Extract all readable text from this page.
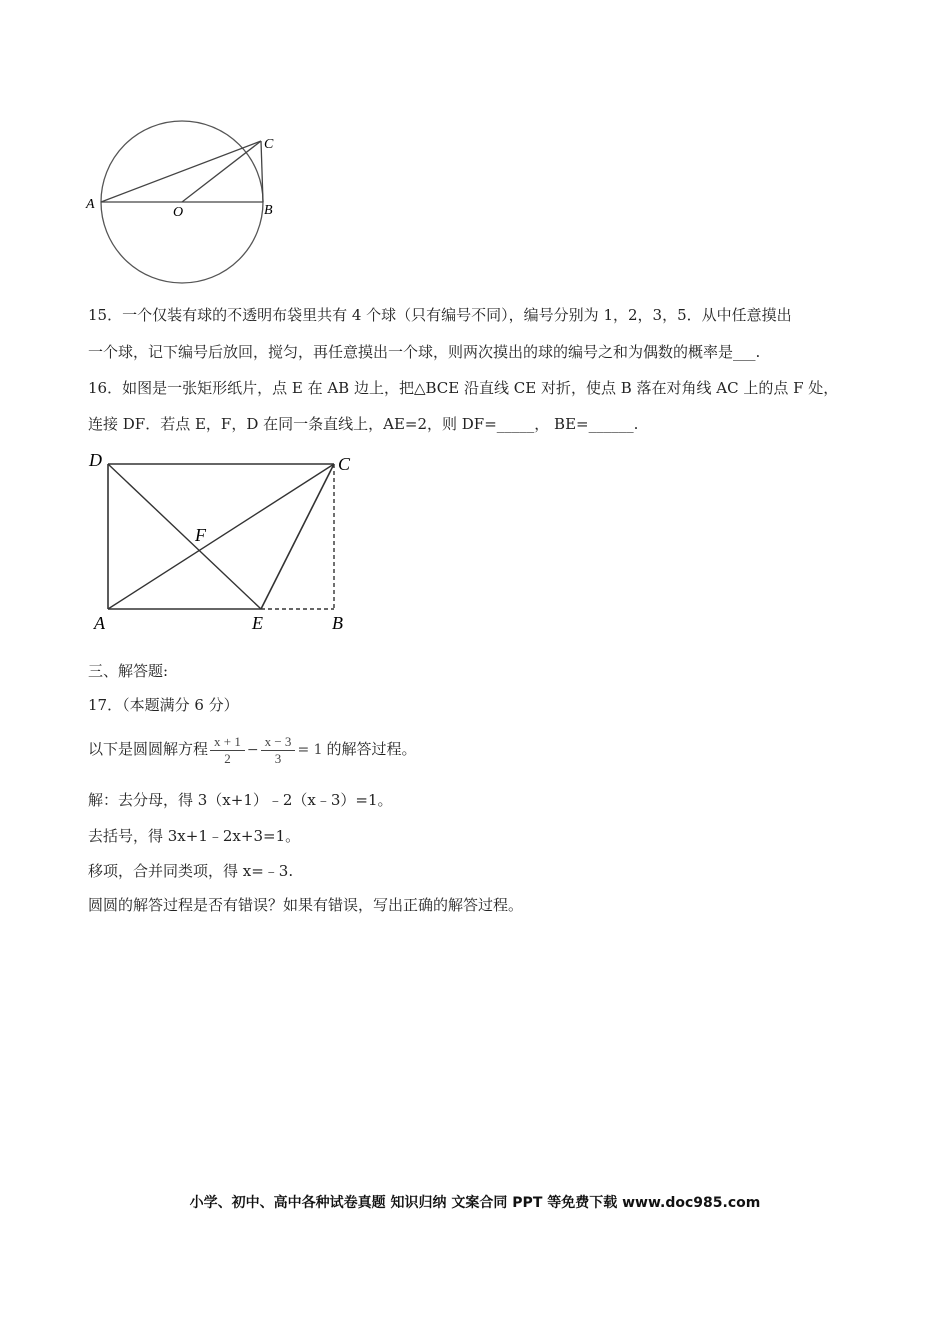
A	B
C
O
15．一个仅装有球的不透明布袋里共有 4 个球（只有编号不同），编号分别为 1，2，3，5．从中任意摸出
一个球，记下编号后放回，搅匀，再任意摸出一个球，则两次摸出的球的编号之和为偶数的概率是___.
16．如图是一张矩形纸片，点 E 在 AB 边上，把△BCE 沿直线 CE 对折，使点 B 落在对角线 AC 上的点 F 处，
连接 DF．若点 E，F，D 在同一条直线上，AE=2，则 DF=_____， BE=______.
D	C
F
A	E	B
三、解答题:
17．（本题满分 6 分）
以下是圆圆解方程 $\frac{x + 1}{2} - \frac{x - 3}{3} = 1$ 的解答过程。
解：去分母，得 3（x+1）﹣2（x﹣3）=1。
去括号，得 3x+1﹣2x+3=1。
移项，合并同类项，得 x=﹣3.
圆圆的解答过程是否有错误？如果有错误，写出正确的解答过程。
小学、初中、高中各种试卷真题 知识归纳 文案合同 PPT 等免费下载 www.doc985.com
